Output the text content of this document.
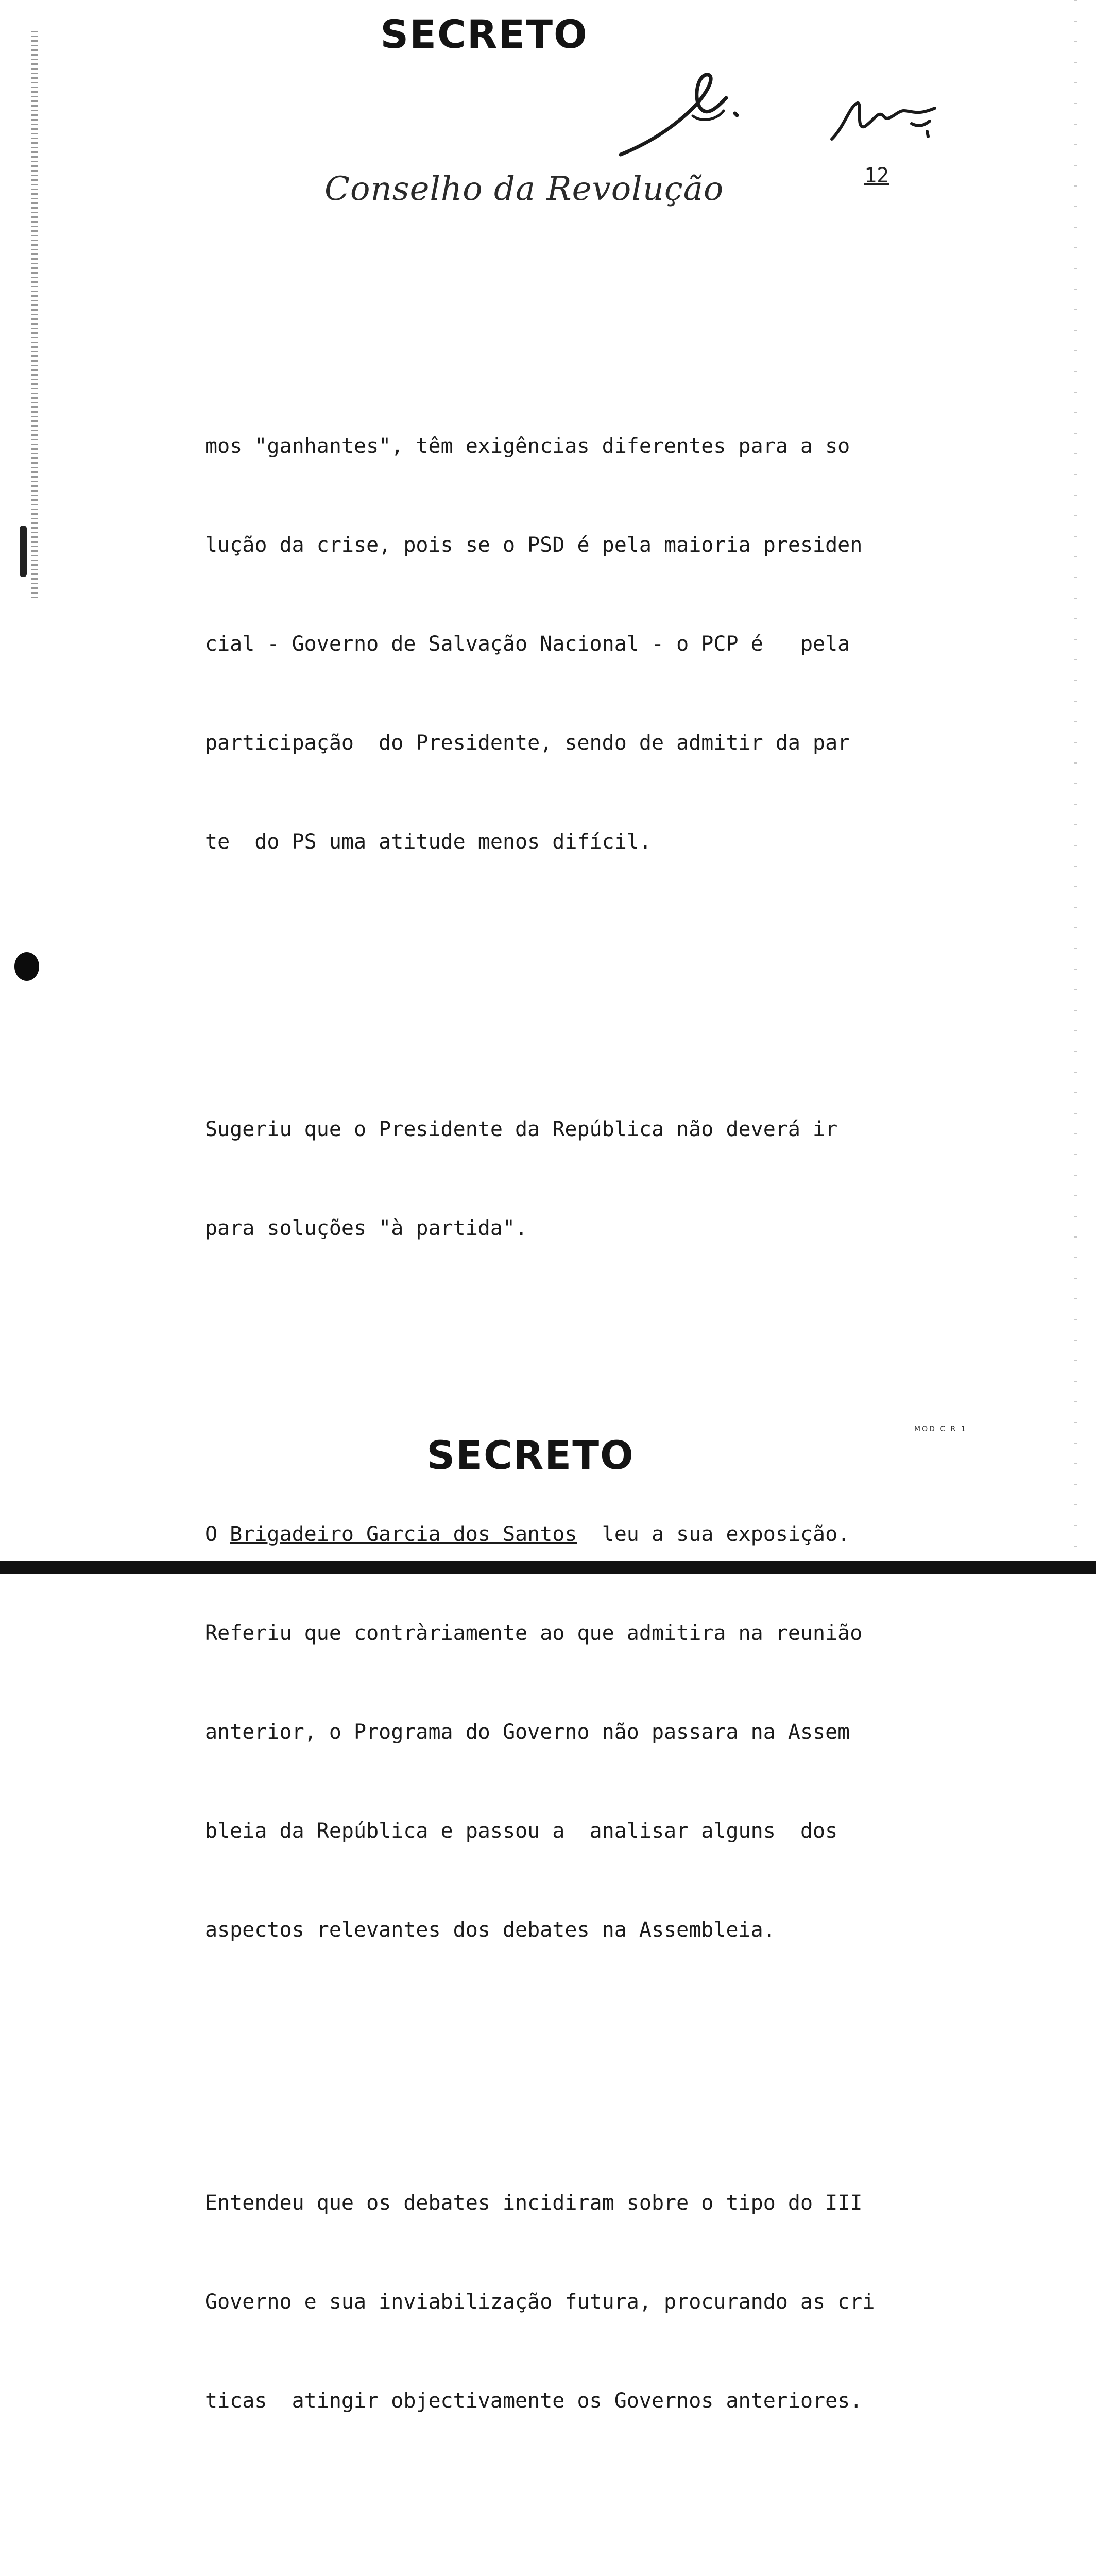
SECRETO
12
Conselho da Revolução

mos "ganhantes", têm exigências diferentes para a so

lução da crise, pois se o PSD é pela maioria presiden

cial - Governo de Salvação Nacional - o PCP é   pela

participação  do Presidente, sendo de admitir da par

te  do PS uma atitude menos difícil.

Sugeriu que o Presidente da República não deverá ir

para soluções "à partida".

O Brigadeiro Garcia dos Santos  leu a sua exposição.

Referiu que contràriamente ao que admitira na reunião

anterior, o Programa do Governo não passara na Assem

bleia da República e passou a  analisar alguns  dos

aspectos relevantes dos debates na Assembleia.

Entendeu que os debates incidiram sobre o tipo do III

Governo e sua inviabilização futura, procurando as cri

ticas  atingir objectivamente os Governos anteriores.

MOD C R 1
SECRETO
